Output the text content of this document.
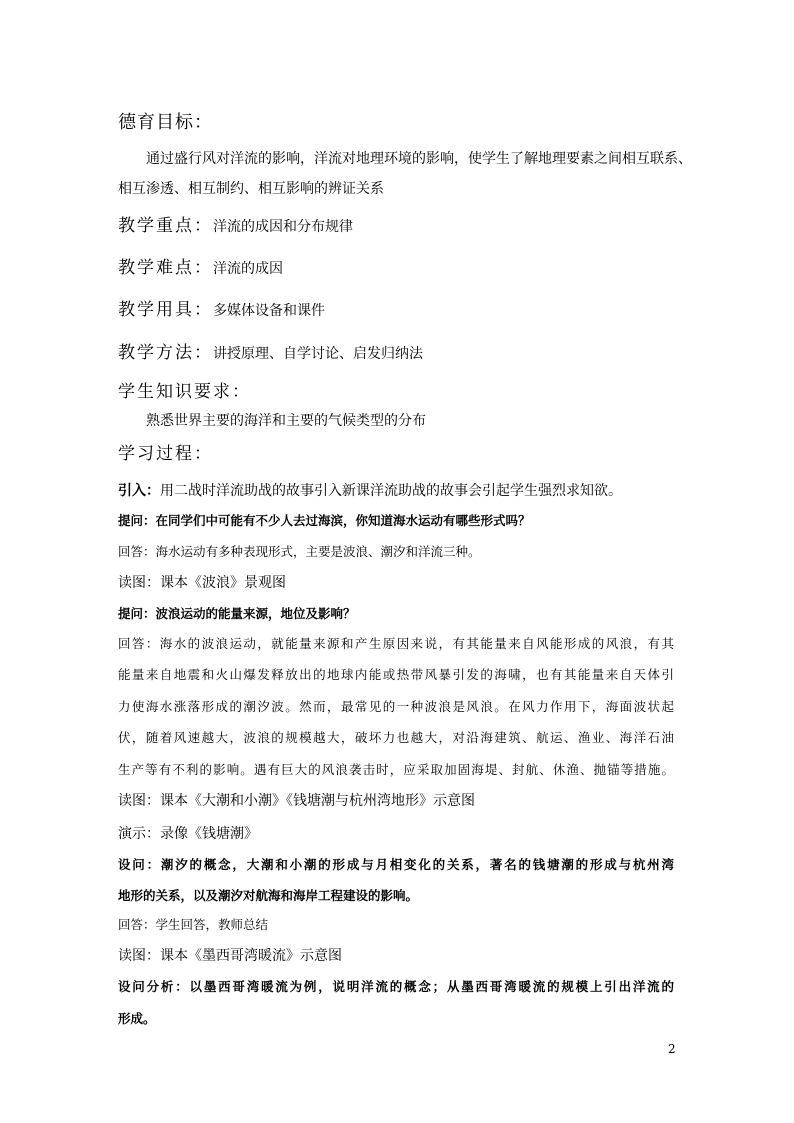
德育目标：
通过盛行风对洋流的影响，洋流对地理环境的影响，使学生了解地理要素之间相互联系、
相互渗透、相互制约、相互影响的辨证关系
教学重点：洋流的成因和分布规律
教学难点：洋流的成因
教学用具：多媒体设备和课件
教学方法：讲授原理、自学讨论、启发归纳法
学生知识要求：
熟悉世界主要的海洋和主要的气候类型的分布
学习过程：
引入：用二战时洋流助战的故事引入新课洋流助战的故事会引起学生强烈求知欲。
提问：在同学们中可能有不少人去过海滨，你知道海水运动有哪些形式吗？
回答：海水运动有多种表现形式，主要是波浪、潮汐和洋流三种。
读图：课本《波浪》景观图
提问：波浪运动的能量来源，地位及影响？
回答：海水的波浪运动，就能量来源和产生原因来说，有其能量来自风能形成的风浪，有其
能量来自地震和火山爆发释放出的地球内能或热带风暴引发的海啸，也有其能量来自天体引
力使海水涨落形成的潮汐波。然而，最常见的一种波浪是风浪。在风力作用下，海面波状起
伏，随着风速越大，波浪的规模越大，破坏力也越大，对沿海建筑、航运、渔业、海洋石油
生产等有不利的影响。遇有巨大的风浪袭击时，应采取加固海堤、封航、休渔、抛锚等措施。
读图：课本《大潮和小潮》《钱塘潮与杭州湾地形》示意图
演示：录像《钱塘潮》
设问：潮汐的概念，大潮和小潮的形成与月相变化的关系，著名的钱塘潮的形成与杭州湾
地形的关系，以及潮汐对航海和海岸工程建设的影响。
回答：学生回答，教师总结
读图：课本《墨西哥湾暖流》示意图
设问分析：以墨西哥湾暖流为例，说明洋流的概念；从墨西哥湾暖流的规模上引出洋流的
形成。
2
